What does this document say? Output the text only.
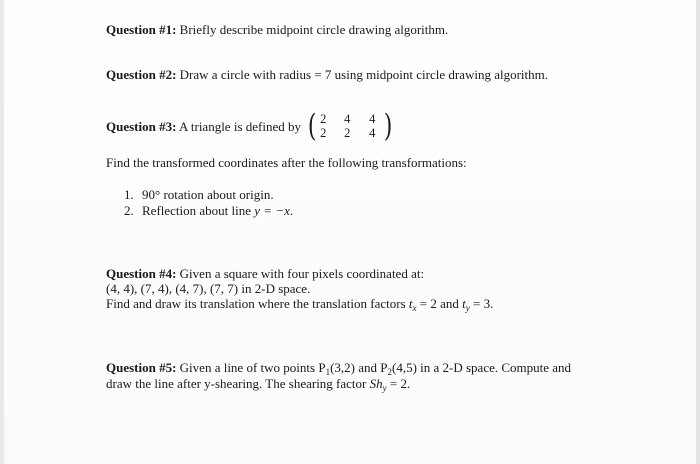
Question #1: Briefly describe midpoint circle drawing algorithm.
Question #2: Draw a circle with radius = 7 using midpoint circle drawing algorithm.
Question #3: A triangle is defined by ( 2	4	4
2	2	4 )
Find the transformed coordinates after the following transformations:
1. 90° rotation about origin.
2. Reflection about line y = −x.
Question #4: Given a square with four pixels coordinated at:
(4, 4), (7, 4), (4, 7), (7, 7) in 2-D space.
Find and draw its translation where the translation factors $t_x = 2$ and $t_y = 3$.
Question #5: Given a line of two points $P_1(3,2)$ and $P_2(4,5)$ in a 2-D space. Compute and
draw the line after y-shearing. The shearing factor $Sh_y = 2$.
